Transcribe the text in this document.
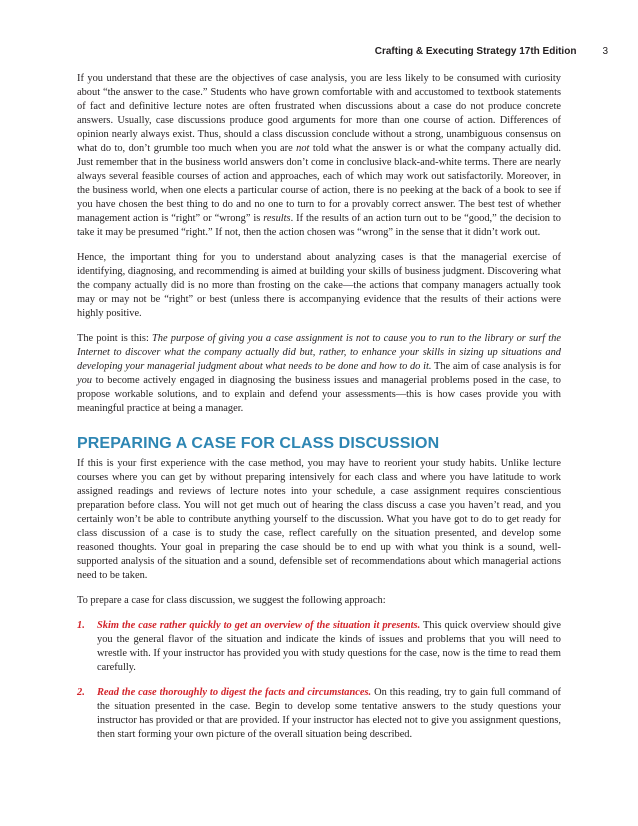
Crafting & Executing Strategy 17th Edition	3

If you understand that these are the objectives of case analysis, you are less likely to be consumed with curiosity about “the answer to the case.” Students who have grown comfortable with and accustomed to textbook statements of fact and definitive lecture notes are often frustrated when discussions about a case do not produce concrete answers. Usually, case discussions produce good arguments for more than one course of action. Differences of opinion nearly always exist. Thus, should a class discussion conclude without a strong, unambiguous consensus on what do to, don’t grumble too much when you are not told what the answer is or what the company actually did. Just remember that in the business world answers don’t come in conclusive black-and-white terms. There are nearly always several feasible courses of action and approaches, each of which may work out satisfactorily. Moreover, in the business world, when one elects a particular course of action, there is no peeking at the back of a book to see if you have chosen the best thing to do and no one to turn to for a provably correct answer. The best test of whether management action is “right” or “wrong” is results. If the results of an action turn out to be “good,” the decision to take it may be presumed “right.” If not, then the action chosen was “wrong” in the sense that it didn’t work out.

Hence, the important thing for you to understand about analyzing cases is that the managerial exercise of identifying, diagnosing, and recommending is aimed at building your skills of business judgment. Discovering what the company actually did is no more than frosting on the cake—the actions that company managers actually took may or may not be “right” or best (unless there is accompanying evidence that the results of their actions were highly positive.

The point is this: The purpose of giving you a case assignment is not to cause you to run to the library or surf the Internet to discover what the company actually did but, rather, to enhance your skills in sizing up situations and developing your managerial judgment about what needs to be done and how to do it. The aim of case analysis is for you to become actively engaged in diagnosing the business issues and managerial problems posed in the case, to propose workable solutions, and to explain and defend your assessments—this is how cases provide you with meaningful practice at being a manager.

PREPARING A CASE FOR CLASS DISCUSSION

If this is your first experience with the case method, you may have to reorient your study habits. Unlike lecture courses where you can get by without preparing intensively for each class and where you have latitude to work assigned readings and reviews of lecture notes into your schedule, a case assignment requires conscientious preparation before class. You will not get much out of hearing the class discuss a case you haven’t read, and you certainly won’t be able to contribute anything yourself to the discussion. What you have got to do to get ready for class discussion of a case is to study the case, reflect carefully on the situation presented, and develop some reasoned thoughts. Your goal in preparing the case should be to end up with what you think is a sound, well-supported analysis of the situation and a sound, defensible set of recommendations about which managerial actions need to be taken.

To prepare a case for class discussion, we suggest the following approach:

1. Skim the case rather quickly to get an overview of the situation it presents. This quick overview should give you the general flavor of the situation and indicate the kinds of issues and problems that you will need to wrestle with. If your instructor has provided you with study questions for the case, now is the time to read them carefully.
2. Read the case thoroughly to digest the facts and circumstances. On this reading, try to gain full command of the situation presented in the case. Begin to develop some tentative answers to the study questions your instructor has provided or that are provided. If your instructor has elected not to give you assignment questions, then start forming your own picture of the overall situation being described.
